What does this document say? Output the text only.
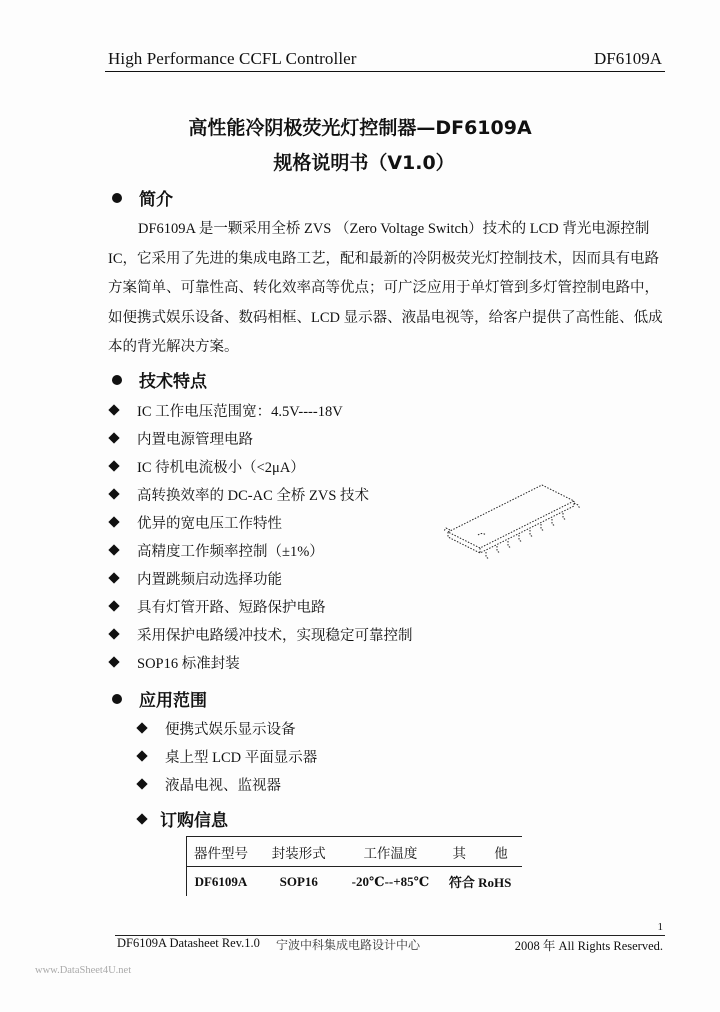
High Performance CCFL Controller	DF6109A
高性能冷阴极荧光灯控制器—DF6109A
规格说明书（V1.0）
简介

DF6109A 是一颗采用全桥 ZVS （Zero Voltage Switch）技术的 LCD 背光电源控制

IC，它采用了先进的集成电路工艺，配和最新的冷阴极荧光灯控制技术，因而具有电路

方案简单、可靠性高、转化效率高等优点；可广泛应用于单灯管到多灯管控制电路中，

如便携式娱乐设备、数码相框、LCD 显示器、液晶电视等，给客户提供了高性能、低成

本的背光解决方案。

技术特点
IC 工作电压范围宽：4.5V----18V
内置电源管理电路
IC 待机电流极小（<2μA）
高转换效率的 DC-AC 全桥 ZVS 技术
优异的宽电压工作特性
高精度工作频率控制（±1%）
内置跳频启动选择功能
具有灯管开路、短路保护电路
采用保护电路缓冲技术，实现稳定可靠控制
SOP16 标准封装
应用范围
便携式娱乐显示设备
桌上型 LCD 平面显示器
液晶电视、监视器
订购信息
器件型号	封装形式	工作温度	其	他
DF6109A	SOP16	-20℃--+85℃	符合 RoHS	
1
DF6109A Datasheet Rev.1.0 宁波中科集成电路设计中心	2008 年 All Rights Reserved.
www.DataSheet4U.net
